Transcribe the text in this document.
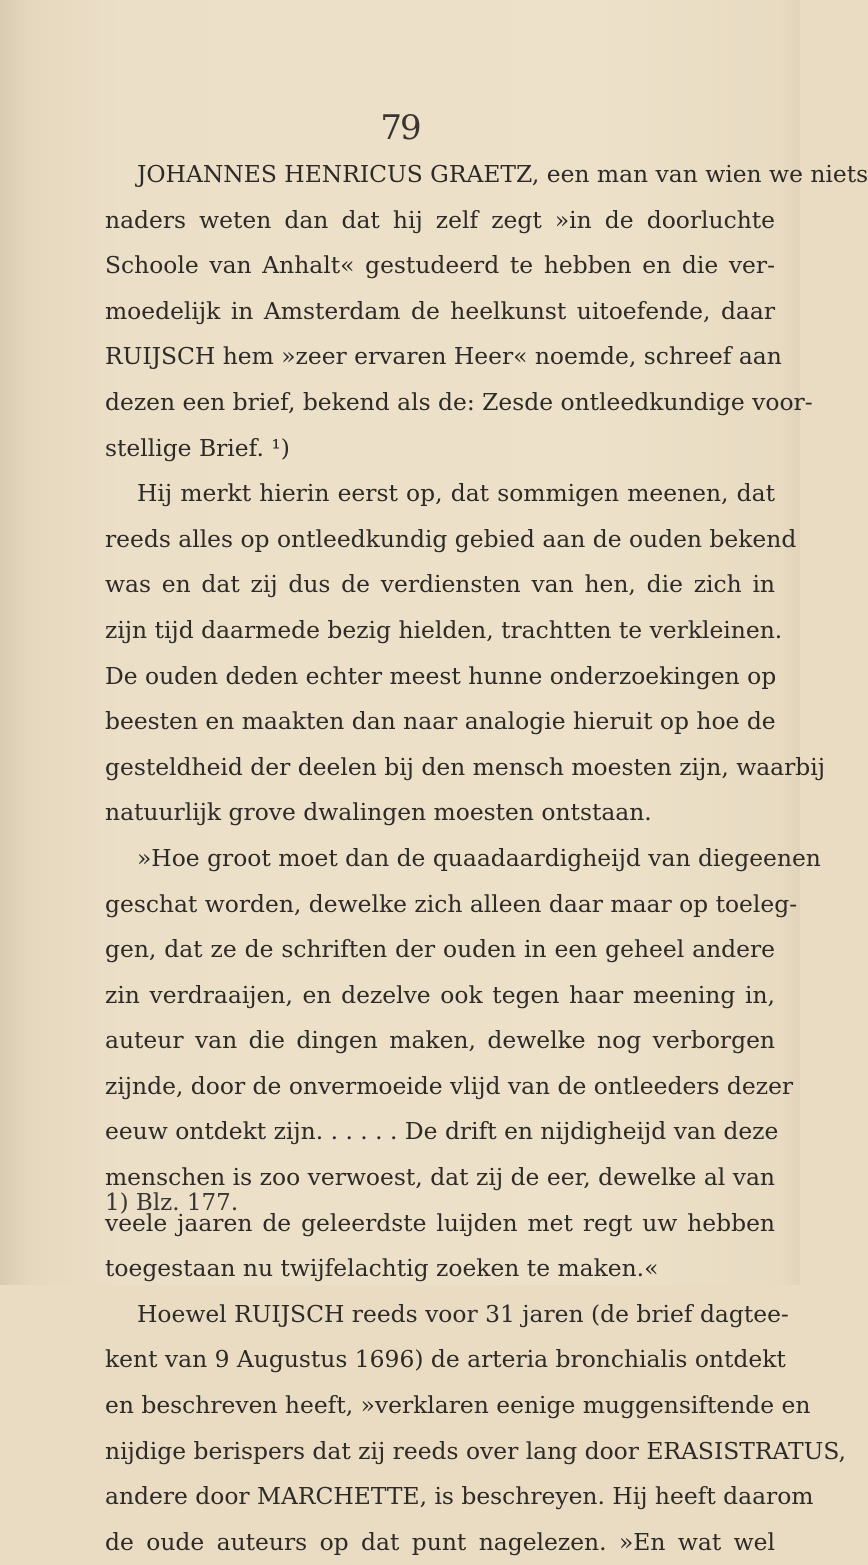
79
JOHANNES HENRICUS GRAETZ, een man van wien we niets
naders weten dan dat hij zelf zegt »in de doorluchte
Schoole van Anhalt« gestudeerd te hebben en die ver-
moedelijk in Amsterdam de heelkunst uitoefende, daar
RUIJSCH hem »zeer ervaren Heer« noemde, schreef aan
dezen een brief, bekend als de: Zesde ontleedkundige voor-
stellige Brief. ¹)
Hij merkt hierin eerst op, dat sommigen meenen, dat
reeds alles op ontleedkundig gebied aan de ouden bekend
was en dat zij dus de verdiensten van hen, die zich in
zijn tijd daarmede bezig hielden, trachtten te verkleinen.
De ouden deden echter meest hunne onderzoekingen op
beesten en maakten dan naar analogie hieruit op hoe de
gesteldheid der deelen bij den mensch moesten zijn, waarbij
natuurlijk grove dwalingen moesten ontstaan.
»Hoe groot moet dan de quaadaardigheijd van diegeenen
geschat worden, dewelke zich alleen daar maar op toeleg-
gen, dat ze de schriften der ouden in een geheel andere
zin verdraaijen, en dezelve ook tegen haar meening in,
auteur van die dingen maken, dewelke nog verborgen
zijnde, door de onvermoeide vlijd van de ontleeders dezer
eeuw ontdekt zijn. . . . . . De drift en nijdigheijd van deze
menschen is zoo verwoest, dat zij de eer, dewelke al van
veele jaaren de geleerdste luijden met regt uw hebben
toegestaan nu twijfelachtig zoeken te maken.«
Hoewel RUIJSCH reeds voor 31 jaren (de brief dagtee-
kent van 9 Augustus 1696) de arteria bronchialis ontdekt
en beschreven heeft, »verklaren eenige muggensiftende en
nijdige berispers dat zij reeds over lang door ERASISTRATUS,
andere door MARCHETTE, is beschreyen. Hij heeft daarom
de oude auteurs op dat punt nagelezen. »En wat wel
1) Blz. 177.
